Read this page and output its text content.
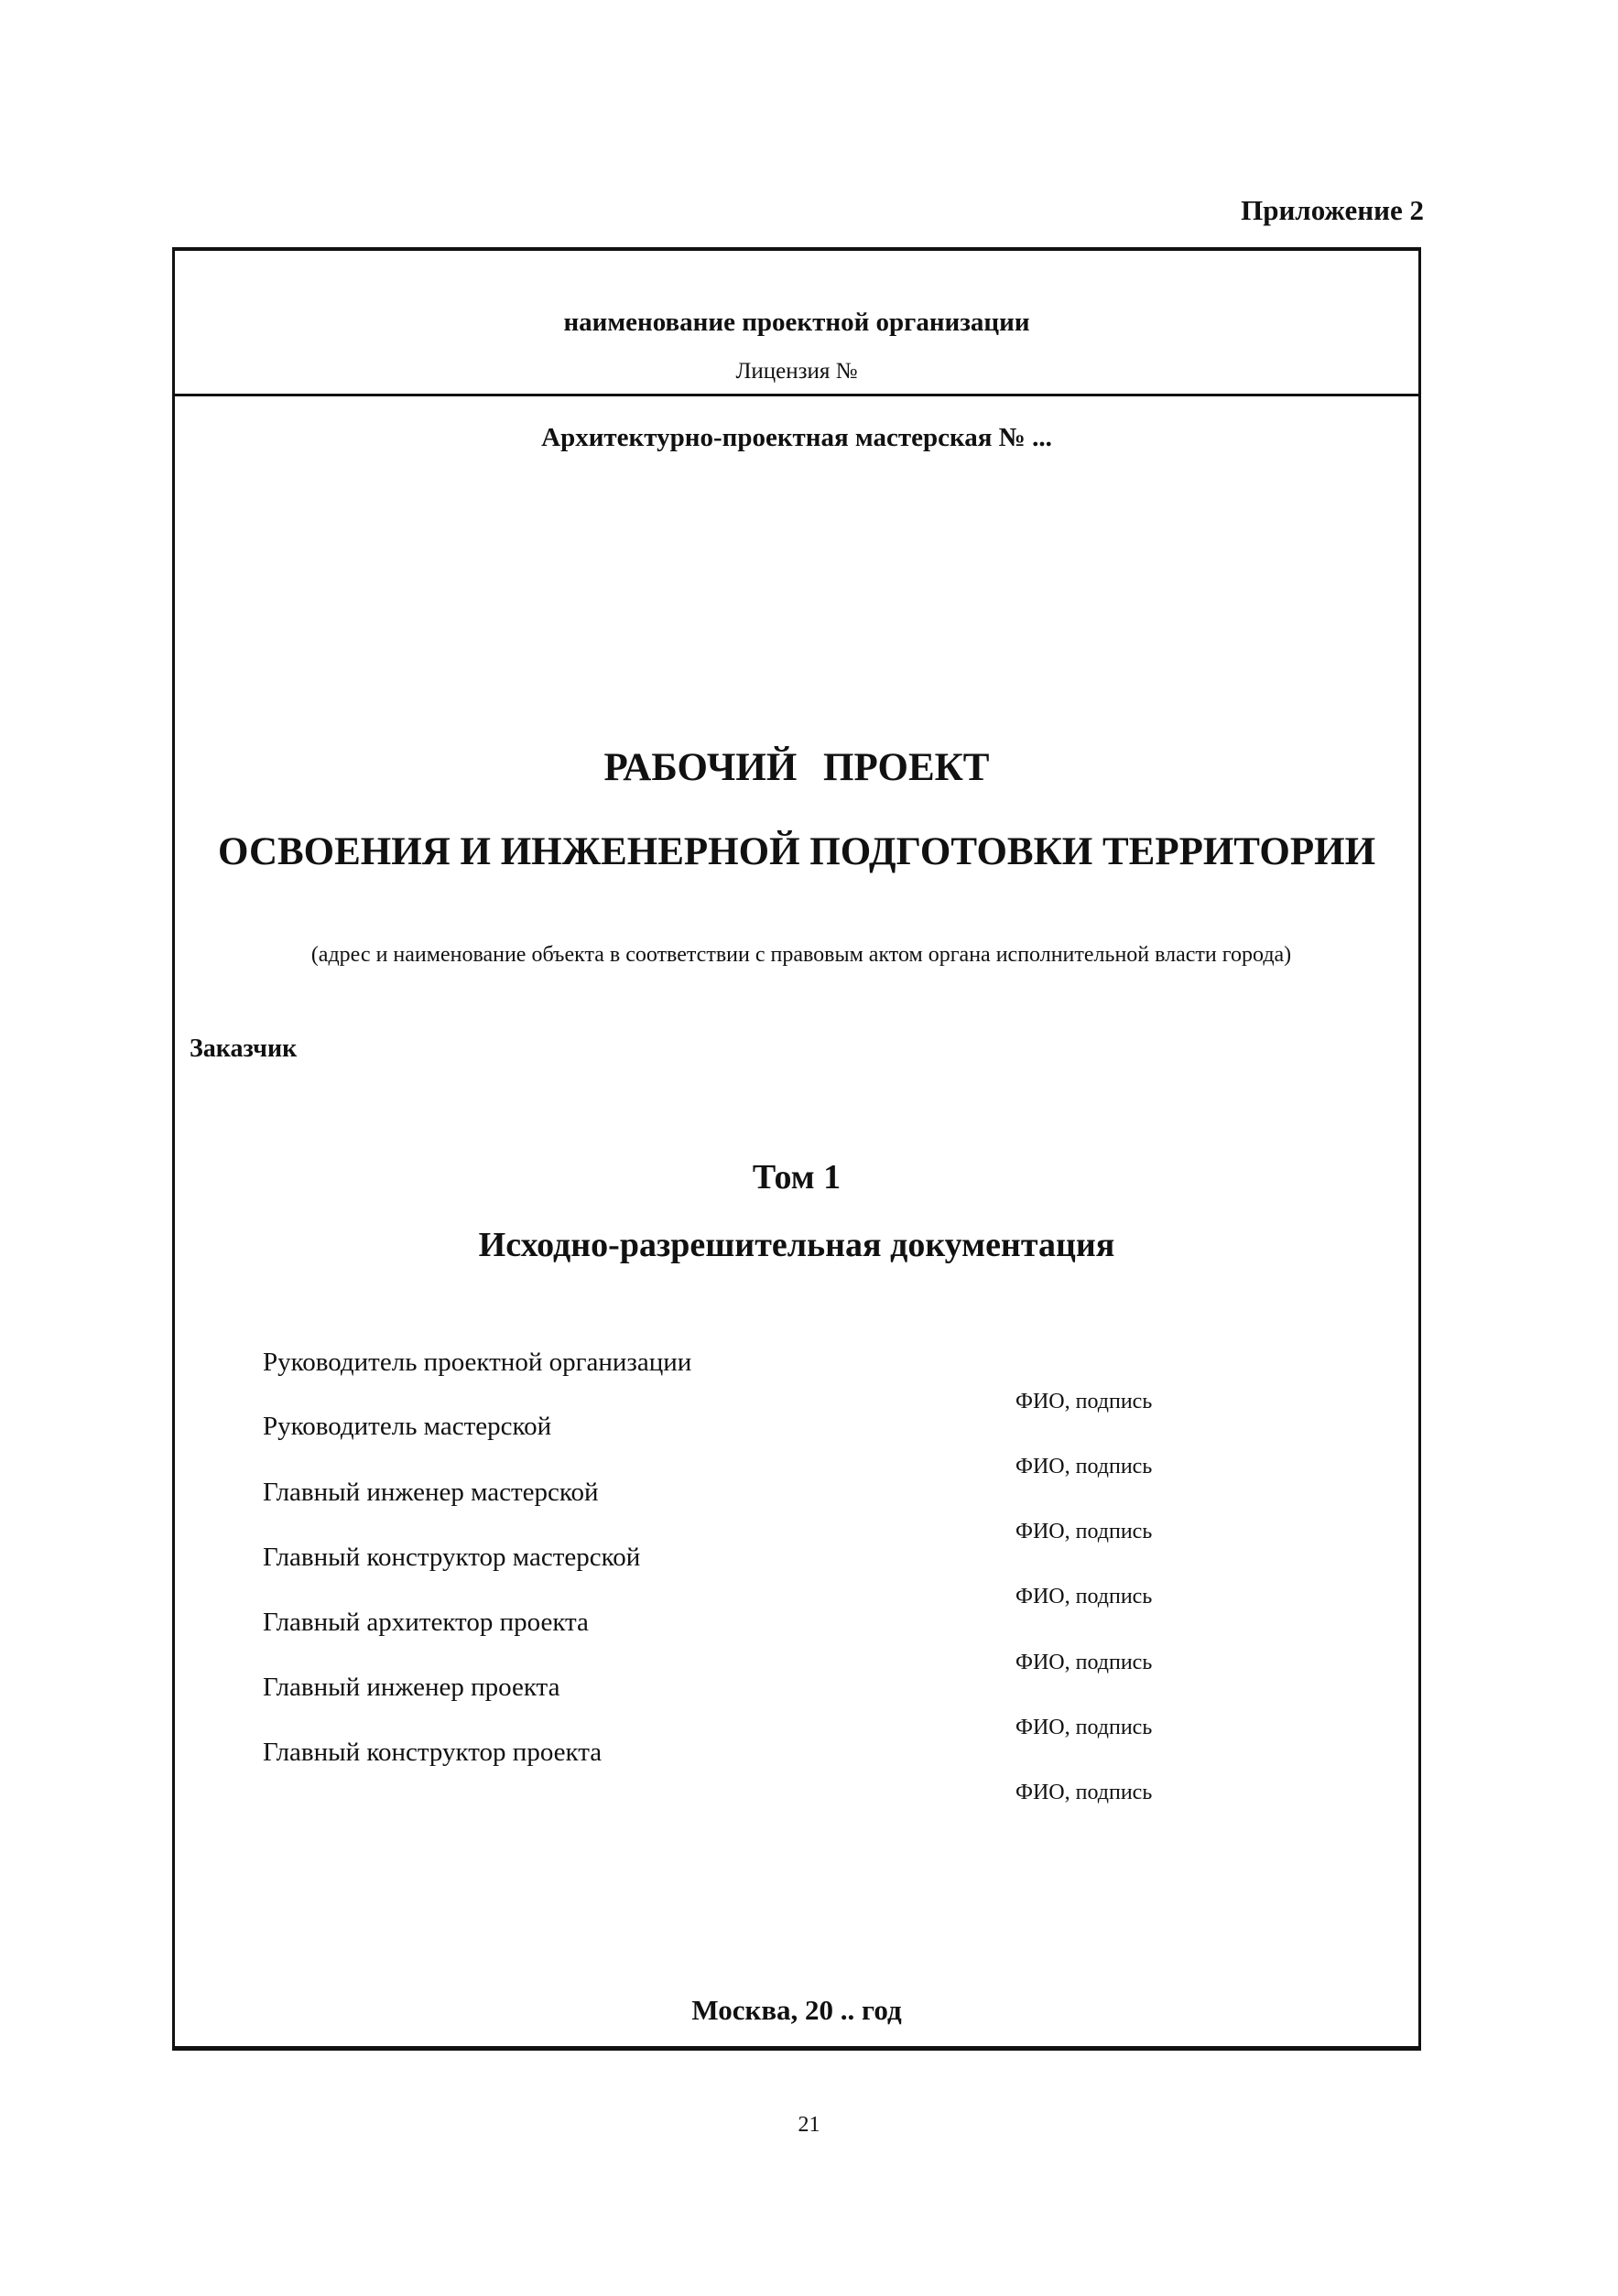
Приложение 2
наименование проектной организации
Лицензия №
Архитектурно-проектная мастерская № ...
РАБОЧИЙ ПРОЕКТ
ОСВОЕНИЯ И ИНЖЕНЕРНОЙ ПОДГОТОВКИ ТЕРРИТОРИИ
(адрес и наименование объекта в соответствии с правовым актом органа исполнительной власти города)
Заказчик
Том 1
Исходно-разрешительная документация
Руководитель проектной организации
ФИО, подпись
Руководитель мастерской
ФИО, подпись
Главный инженер мастерской
ФИО, подпись
Главный конструктор мастерской
ФИО, подпись
Главный архитектор проекта
ФИО, подпись
Главный инженер проекта
ФИО, подпись
Главный конструктор проекта
ФИО, подпись
Москва, 20 .. год
21
